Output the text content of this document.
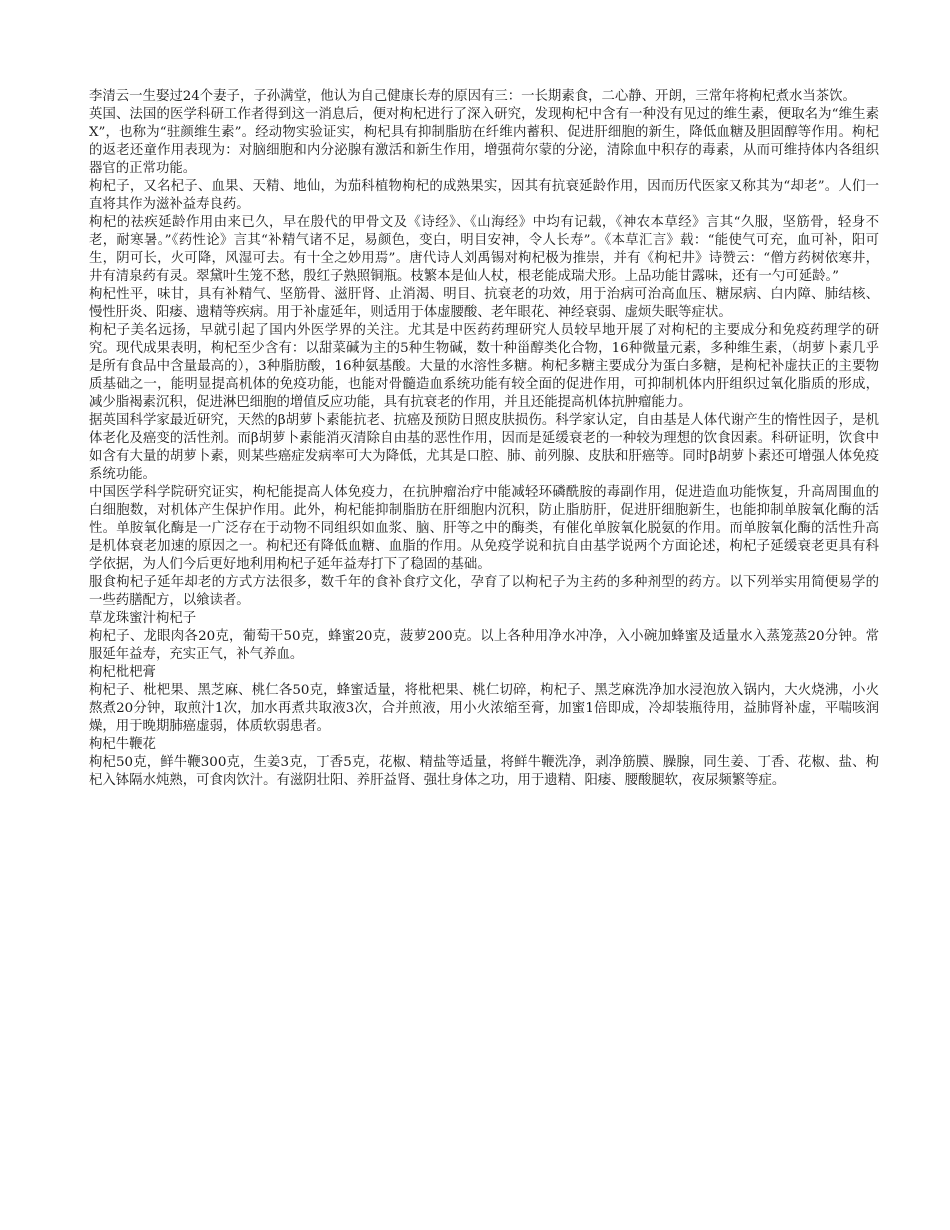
李清云一生娶过24个妻子，子孙满堂，他认为自己健康长寿的原因有三：一长期素食，二心静、开朗，三常年将枸杞煮水当茶饮。

英国、法国的医学科研工作者得到这一消息后，便对枸杞进行了深入研究，发现枸杞中含有一种没有见过的维生素，便取名为“维生素X”，也称为“驻颜维生素”。经动物实验证实，枸杞具有抑制脂肪在纤维内蓄积、促进肝细胞的新生，降低血糖及胆固醇等作用。枸杞的返老还童作用表现为：对脑细胞和内分泌腺有激活和新生作用，增强荷尔蒙的分泌，清除血中积存的毒素，从而可维持体内各组织器官的正常功能。

枸杞子，又名杞子、血果、天精、地仙，为茄科植物枸杞的成熟果实，因其有抗衰延龄作用，因而历代医家又称其为“却老”。人们一直将其作为滋补益寿良药。

枸杞的祛疾延龄作用由来已久，早在殷代的甲骨文及《诗经》、《山海经》中均有记载，《神农本草经》言其“久服，坚筋骨，轻身不老，耐寒暑。”《药性论》言其“补精气诸不足，易颜色，变白，明目安神，令人长寿”。《本草汇言》载：“能使气可充，血可补，阳可生，阴可长，火可降，风湿可去。有十全之妙用焉”。唐代诗人刘禹锡对枸杞极为推崇，并有《枸杞井》诗赞云：“僧方药树依寒井，井有清泉药有灵。翠黛叶生笼不愁，殷红子熟照铜瓶。枝繁本是仙人杖，根老能成瑞犬形。上品功能甘露味，还有一勺可延龄。”

枸杞性平，味甘，具有补精气、坚筋骨、滋肝肾、止消渴、明目、抗衰老的功效，用于治病可治高血压、糖尿病、白内障、肺结核、慢性肝炎、阳痿、遗精等疾病。用于补虚延年，则适用于体虚腰酸、老年眼花、神经衰弱、虚烦失眠等症状。

枸杞子美名远扬，早就引起了国内外医学界的关注。尤其是中医药药理研究人员较早地开展了对枸杞的主要成分和免疫药理学的研究。现代成果表明，枸杞至少含有：以甜菜碱为主的5种生物碱，数十种甾醇类化合物，16种微量元素，多种维生素，（胡萝卜素几乎是所有食品中含量最高的），3种脂肪酸，16种氨基酸。大量的水溶性多糖。枸杞多糖主要成分为蛋白多糖，是枸杞补虚扶正的主要物质基础之一，能明显提高机体的免疫功能，也能对骨髓造血系统功能有较全面的促进作用，可抑制机体内肝组织过氧化脂质的形成，减少脂褐素沉积，促进淋巴细胞的增值反应功能，具有抗衰老的作用，并且还能提高机体抗肿瘤能力。

据英国科学家最近研究，天然的β胡萝卜素能抗老、抗癌及预防日照皮肤损伤。科学家认定，自由基是人体代谢产生的惰性因子，是机体老化及癌变的活性剂。而β胡萝卜素能消灭清除自由基的恶性作用，因而是延缓衰老的一种较为理想的饮食因素。科研证明，饮食中如含有大量的胡萝卜素，则某些癌症发病率可大为降低，尤其是口腔、肺、前列腺、皮肤和肝癌等。同时β胡萝卜素还可增强人体免疫系统功能。

中国医学科学院研究证实，枸杞能提高人体免疫力，在抗肿瘤治疗中能减轻环磷酰胺的毒副作用，促进造血功能恢复，升高周围血的白细胞数，对机体产生保护作用。此外，枸杞能抑制脂肪在肝细胞内沉积，防止脂肪肝，促进肝细胞新生，也能抑制单胺氧化酶的活性。单胺氧化酶是一广泛存在于动物不同组织如血浆、脑、肝等之中的酶类，有催化单胺氧化脱氨的作用。而单胺氧化酶的活性升高是机体衰老加速的原因之一。枸杞还有降低血糖、血脂的作用。从免疫学说和抗自由基学说两个方面论述，枸杞子延缓衰老更具有科学依据，为人们今后更好地利用枸杞子延年益寿打下了稳固的基础。

服食枸杞子延年却老的方式方法很多，数千年的食补食疗文化，孕育了以枸杞子为主药的多种剂型的药方。以下列举实用简便易学的一些药膳配方，以飨读者。

草龙珠蜜汁枸杞子

枸杞子、龙眼肉各20克，葡萄干50克，蜂蜜20克，菠萝200克。以上各种用净水冲净，入小碗加蜂蜜及适量水入蒸笼蒸20分钟。常服延年益寿，充实正气，补气养血。

枸杞枇杷膏

枸杞子、枇杷果、黑芝麻、桃仁各50克，蜂蜜适量，将枇杷果、桃仁切碎，枸杞子、黑芝麻洗净加水浸泡放入锅内，大火烧沸，小火熬煮20分钟，取煎汁1次，加水再煮共取液3次，合并煎液，用小火浓缩至膏，加蜜1倍即成，冷却装瓶待用，益肺肾补虚，平喘咳润燥，用于晚期肺癌虚弱，体质软弱患者。

枸杞牛鞭花

枸杞50克，鲜牛鞭300克，生姜3克，丁香5克，花椒、精盐等适量，将鲜牛鞭洗净，剥净筋膜、臊腺，同生姜、丁香、花椒、盐、枸杞入钵隔水炖熟，可食肉饮汁。有滋阴壮阳、养肝益肾、强壮身体之功，用于遗精、阳痿、腰酸腿软，夜尿频繁等症。
